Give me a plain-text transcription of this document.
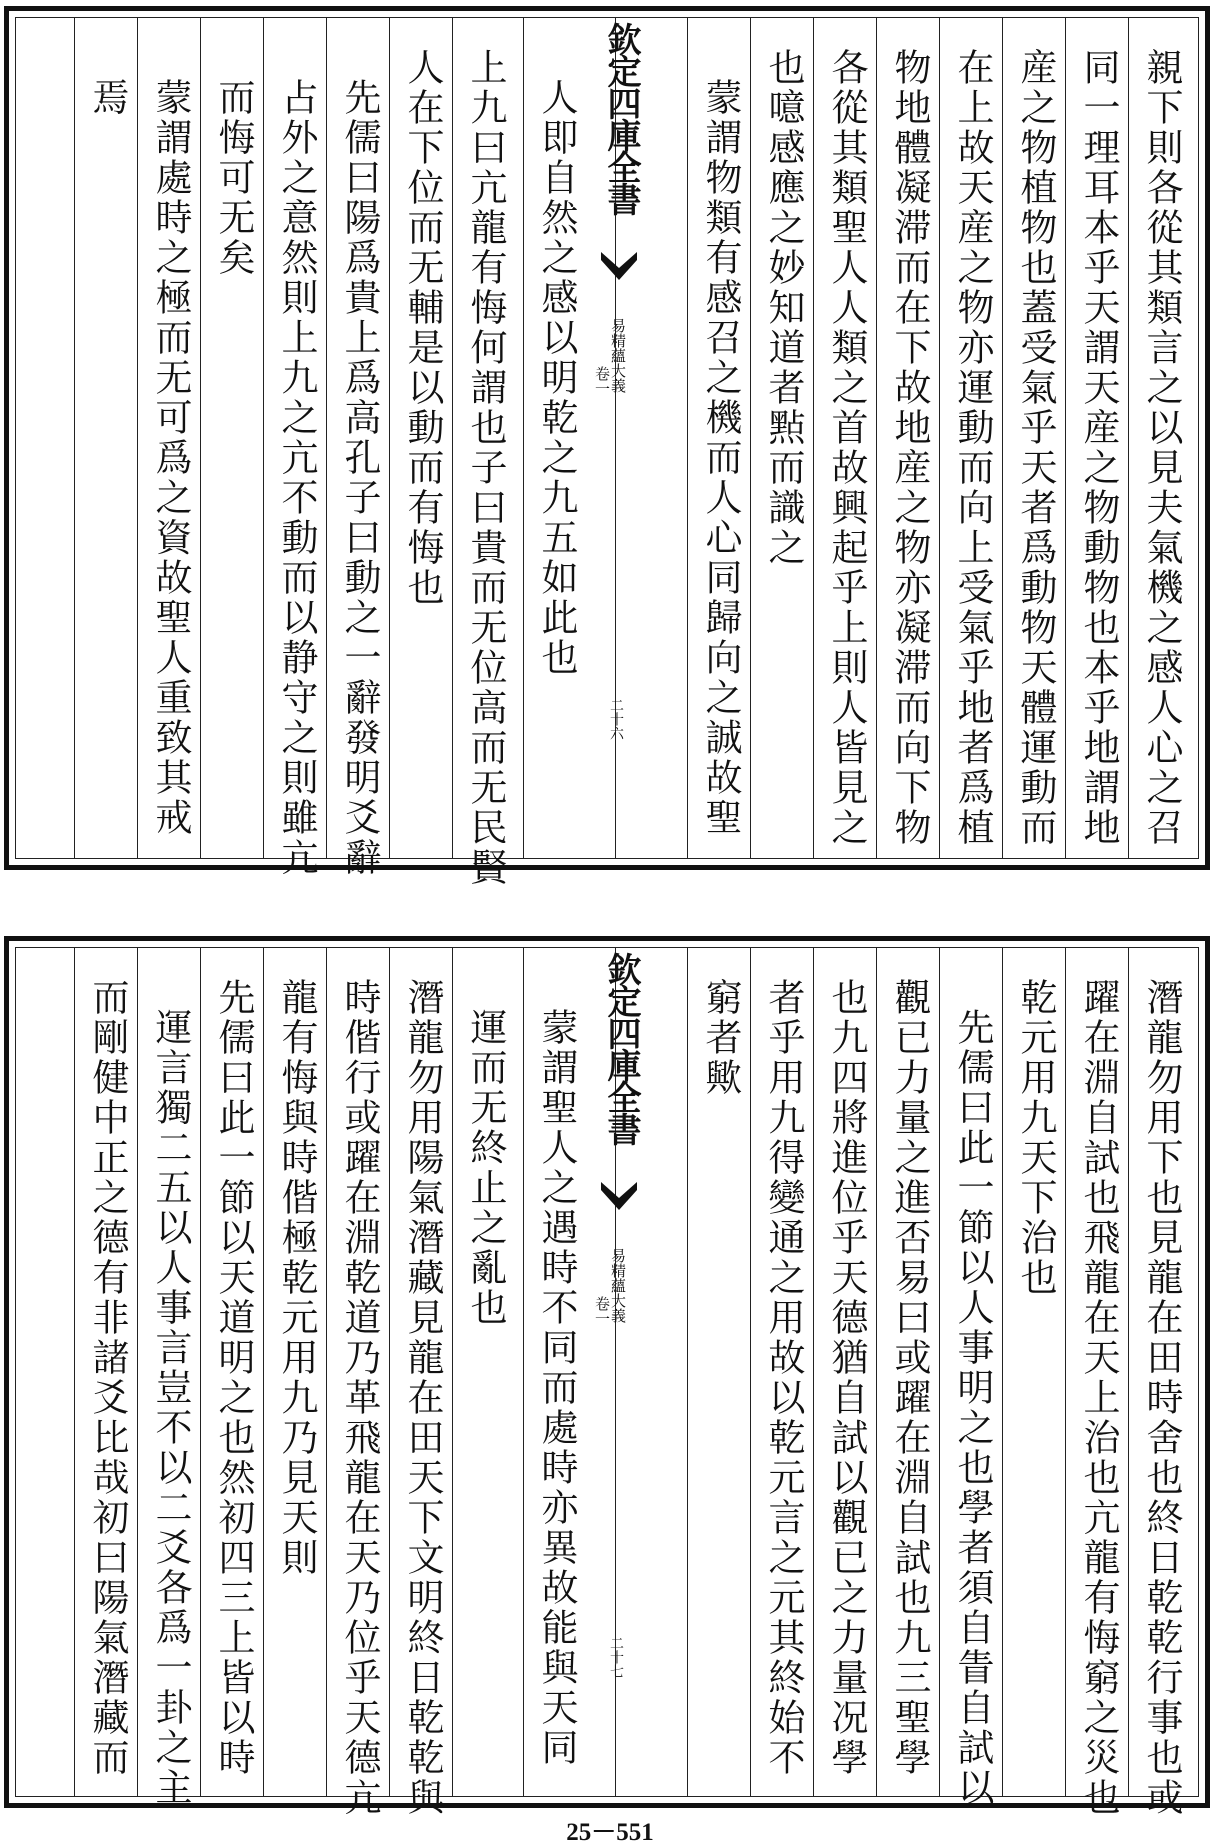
親下則各從其類言之以見夫氣機之感人心之召
同一理耳本乎天謂天産之物動物也本乎地謂地
産之物植物也蓋受氣乎天者爲動物天體運動而
在上故天産之物亦運動而向上受氣乎地者爲植
物地體凝滞而在下故地産之物亦凝滞而向下物
各從其類聖人人類之首故興起乎上則人皆見之
也噫感應之妙知道者㸃而識之
蒙謂物類有感召之機而人心同歸向之誠故聖
欽定四庫全書
易精蘊大義
卷一
二十六
人即自然之感以明乾之九五如此也
上九曰亢龍有悔何謂也子曰貴而无位高而无民賢
人在下位而无輔是以動而有悔也
先儒曰陽爲貴上爲高孔子曰動之一辭發明爻辭
占外之意然則上九之亢不動而以静守之則雖亢
而悔可无矣
蒙謂處時之極而无可爲之資故聖人重致其戒
焉
潛龍勿用下也見龍在田時舍也終日乾乾行事也或
躍在淵自試也飛龍在天上治也亢龍有悔窮之災也
乾元用九天下治也
先儒曰此一節以人事明之也學者須自眚自試以
觀已力量之進否易曰或躍在淵自試也九三聖學
也九四將進位乎天德猶自試以觀已之力量况學
者乎用九得變通之用故以乾元言之元其終始不
窮者歟
欽定四庫全書
易精蘊大義
卷一
二十七
蒙謂聖人之遇時不同而處時亦異故能與天同
運而无終止之亂也
潛龍勿用陽氣潛藏見龍在田天下文明終日乾乾與
時偕行或躍在淵乾道乃革飛龍在天乃位乎天德亢
龍有悔與時偕極乾元用九乃見天則
先儒曰此一節以天道明之也然初四三上皆以時
運言獨二五以人事言豈不以二爻各爲一卦之主
而剛健中正之德有非諸爻比哉初曰陽氣潛藏而
25－551
